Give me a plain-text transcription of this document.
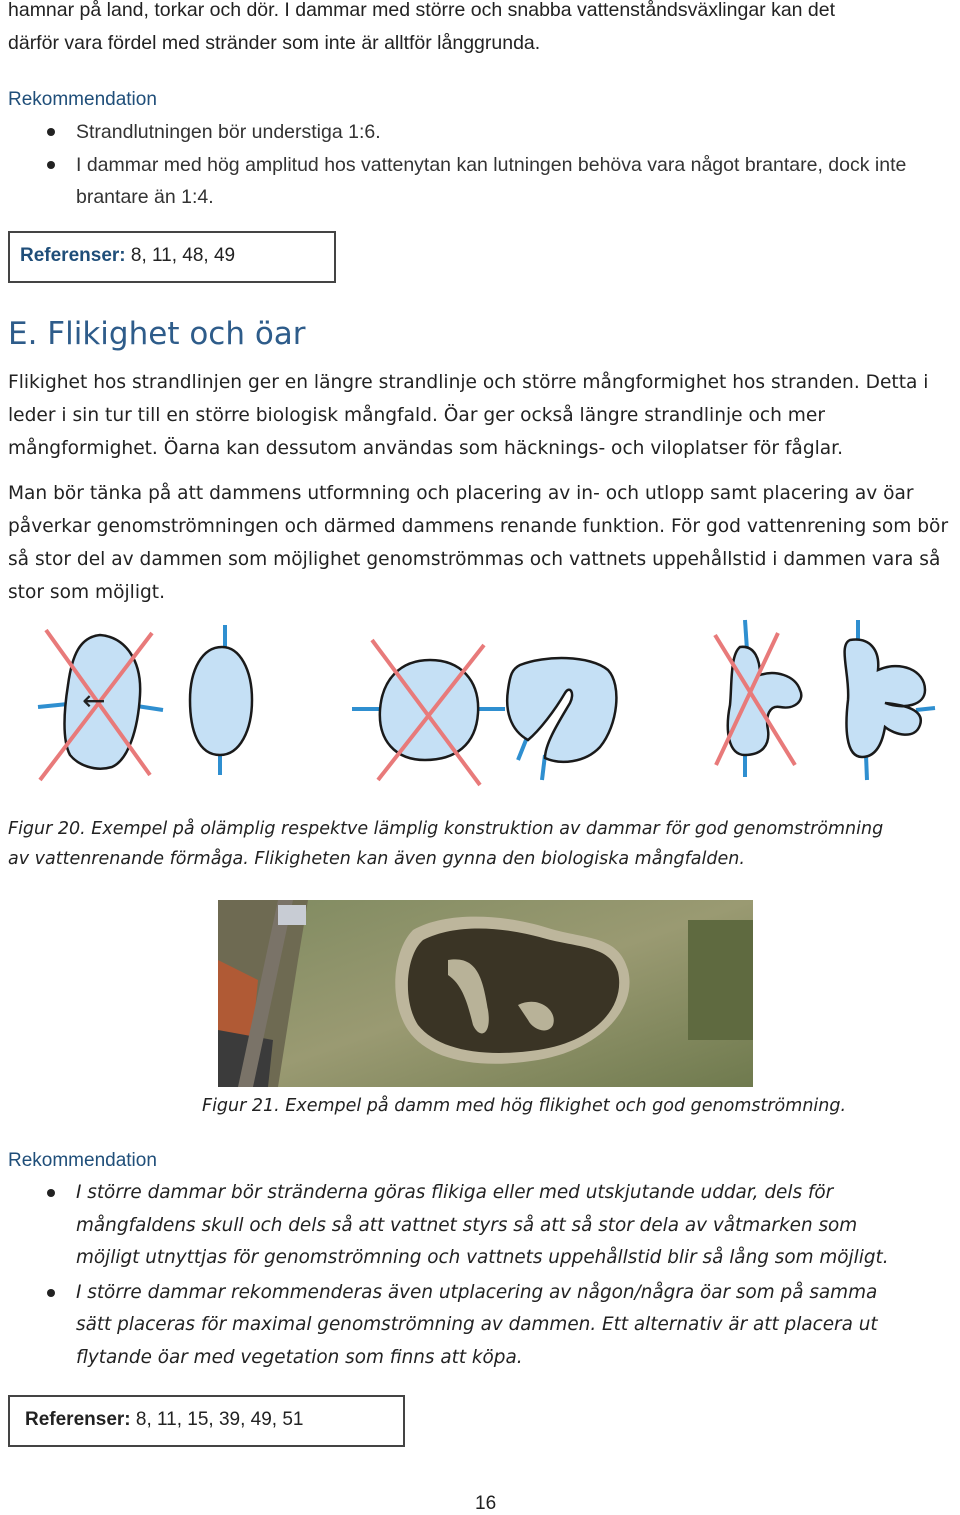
hamnar på land, torkar och dör. I dammar med större och snabba vattenståndsväxlingar kan det

därför vara fördel med stränder som inte är alltför långgrunda.

Rekommendation
Strandlutningen bör understiga 1:6.
I dammar med hög amplitud hos vattenytan kan lutningen behöva vara något brantare, dock inte brantare än 1:4.
Referenser: 8, 11, 48, 49
E. Flikighet och öar

Flikighet hos strandlinjen ger en längre strandlinje och större mångformighet hos stranden. Detta i leder i sin tur till en större biologisk mångfald. Öar ger också längre strandlinje och mer mångformighet. Öarna kan dessutom användas som häcknings- och viloplatser för fåglar.

Man bör tänka på att dammens utformning och placering av in- och utlopp samt placering av öar påverkar genomströmningen och därmed dammens renande funktion. För god vattenrening som bör så stor del av dammen som möjlighet genomströmmas och vattnets uppehållstid i dammen vara så stor som möjligt.

←
Figur 20. Exempel på olämplig respektve lämplig konstruktion av dammar för god genomströmning av vattenrenande förmåga. Flikigheten kan även gynna den biologiska mångfalden.
Figur 21. Exempel på damm med hög flikighet och god genomströmning.
Rekommendation
I större dammar bör stränderna göras flikiga eller med utskjutande uddar, dels för mångfaldens skull och dels så att vattnet styrs så att så stor dela av våtmarken som möjligt utnyttjas för genomströmning och vattnets uppehållstid blir så lång som möjligt.
I större dammar rekommenderas även utplacering av någon/några öar som på samma sätt placeras för maximal genomströmning av dammen. Ett alternativ är att placera ut flytande öar med vegetation som finns att köpa.
Referenser: 8, 11, 15, 39, 49, 51
16
